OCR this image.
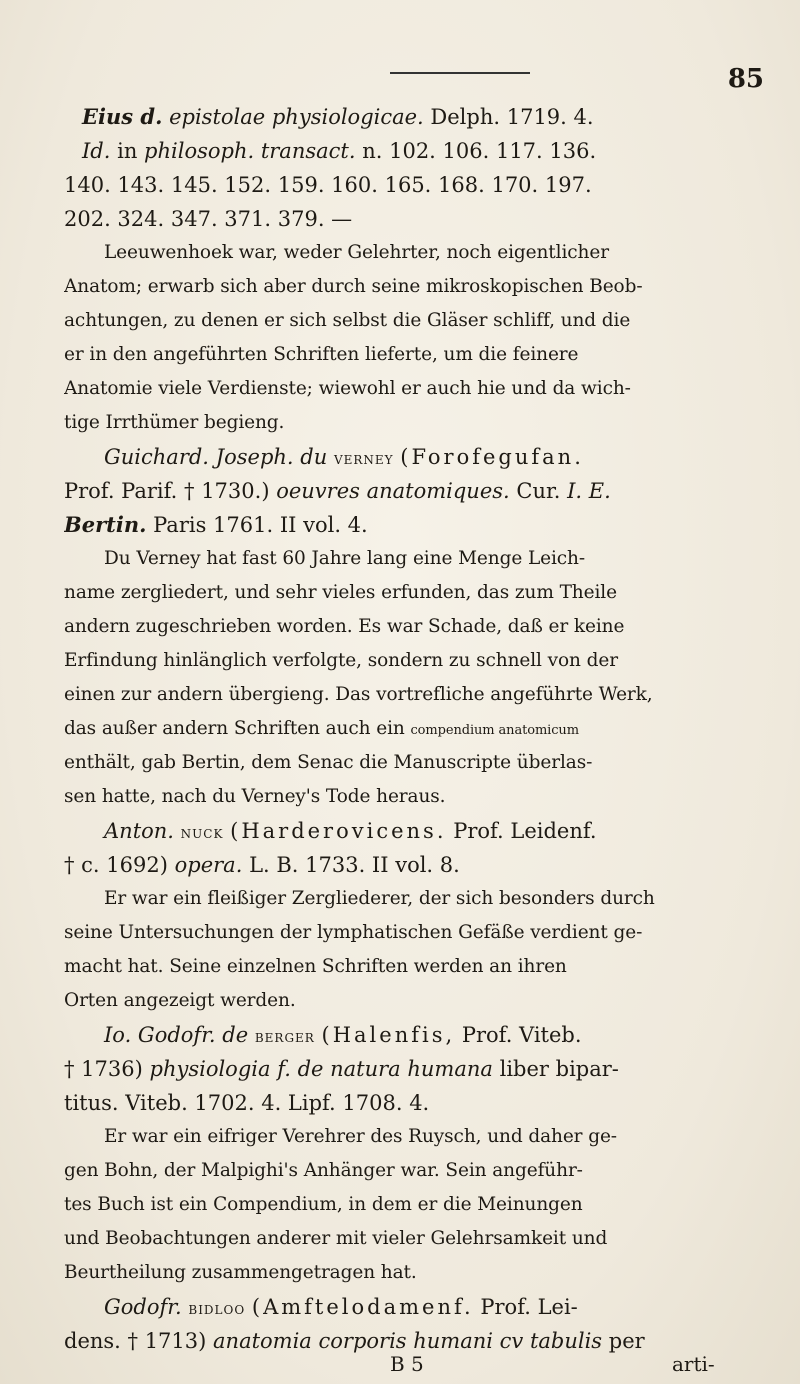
85
Eius d. epistolae physiologicae. Delph. 1719. 4.
Id. in philosoph. transact. n. 102. 106. 117. 136.
140. 143. 145. 152. 159. 160. 165. 168. 170. 197.
202. 324. 347. 371. 379. —
Leeuwenhoek war, weder Gelehrter, noch eigentlicher
Anatom; erwarb sich aber durch seine mikroskopischen Beob-
achtungen, zu denen er sich selbst die Gläser schliff, und die
er in den angeführten Schriften lieferte, um die feinere
Anatomie viele Verdienste; wiewohl er auch hie und da wich-
tige Irrthümer begieng.
Guichard. Joseph. du verney (Forofegufan.
Prof. Parif. † 1730.) oeuvres anatomiques. Cur. I. E.
Bertin. Paris 1761. II vol. 4.
Du Verney hat fast 60 Jahre lang eine Menge Leich-
name zergliedert, und sehr vieles erfunden, das zum Theile
andern zugeschrieben worden. Es war Schade, daß er keine
Erfindung hinlänglich verfolgte, sondern zu schnell von der
einen zur andern übergieng. Das vortrefliche angeführte Werk,
das außer andern Schriften auch ein compendium anatomicum
enthält, gab Bertin, dem Senac die Manuscripte überlas-
sen hatte, nach du Verney's Tode heraus.
Anton. nuck (Harderovicens. Prof. Leidenf.
† c. 1692) opera. L. B. 1733. II vol. 8.
Er war ein fleißiger Zergliederer, der sich besonders durch
seine Untersuchungen der lymphatischen Gefäße verdient ge-
macht hat. Seine einzelnen Schriften werden an ihren
Orten angezeigt werden.
Io. Godofr. de berger (Halenfis, Prof. Viteb.
† 1736) physiologia f. de natura humana liber bipar-
titus. Viteb. 1702. 4. Lipf. 1708. 4.
Er war ein eifriger Verehrer des Ruysch, und daher ge-
gen Bohn, der Malpighi's Anhänger war. Sein angeführ-
tes Buch ist ein Compendium, in dem er die Meinungen
und Beobachtungen anderer mit vieler Gelehrsamkeit und
Beurtheilung zusammengetragen hat.
Godofr. bidloo (Amftelodamenf. Prof. Lei-
dens. † 1713) anatomia corporis humani cv tabulis per
B 5	arti-
